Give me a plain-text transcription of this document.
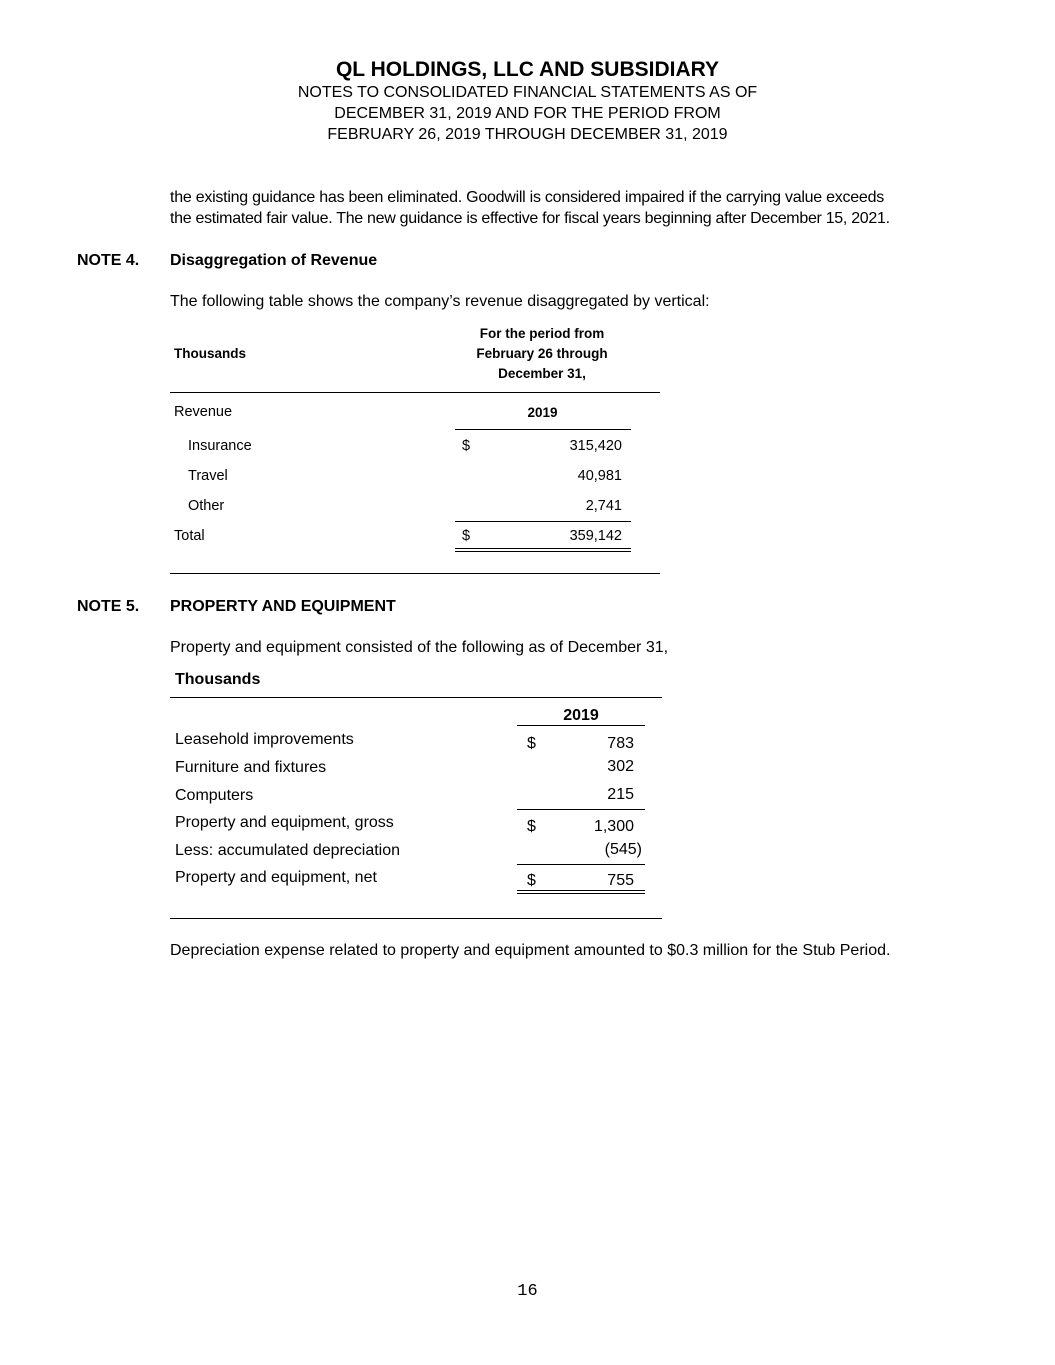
QL HOLDINGS, LLC AND SUBSIDIARY
NOTES TO CONSOLIDATED FINANCIAL STATEMENTS AS OF
DECEMBER 31, 2019 AND FOR THE PERIOD FROM
FEBRUARY 26, 2019 THROUGH DECEMBER 31, 2019
the existing guidance has been eliminated. Goodwill is considered impaired if the carrying value exceeds
the estimated fair value. The new guidance is effective for fiscal years beginning after December 15, 2021.
NOTE 4. Disaggregation of Revenue
The following table shows the company’s revenue disaggregated by vertical:
Thousands
For the period from
February 26 through
December 31,
Revenue	2019
Insurance	$	315,420
Travel	40,981
Other	2,741
Total	$	359,142
NOTE 5. PROPERTY AND EQUIPMENT
Property and equipment consisted of the following as of December 31,
Thousands
2019
Leasehold improvements	$	783
Furniture and fixtures	302
Computers	215
Property and equipment, gross	$	1,300
Less: accumulated depreciation	(545)
Property and equipment, net	$	755
Depreciation expense related to property and equipment amounted to $0.3 million for the Stub Period.
16
